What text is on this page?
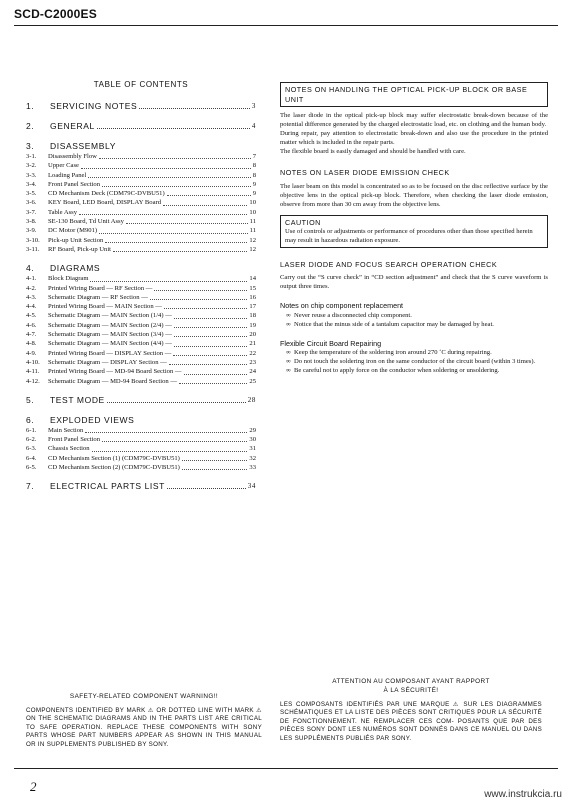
SCD-C2000ES
TABLE OF CONTENTS
1.	SERVICING NOTES	3
2.	GENERAL	4
3.	DISASSEMBLY
3-1.	Disassembly Flow	7
3-2.	Upper Case	8
3-3.	Loading Panel	8
3-4.	Front Panel Section	9
3-5.	CD Mechanism Deck (CDM79C-DVBU51)	9
3-6.	KEY Board, LED Board, DISPLAY Board	10
3-7.	Table Assy	10
3-8.	SE-130 Board, Td Unit Assy	11
3-9.	DC Motor (M901)	11
3-10.	Pick-up Unit Section	12
3-11.	RF Board, Pick-up Unit	12
4.	DIAGRAMS
4-1.	Block Diagram	14
4-2.	Printed Wiring Board — RF Section —	15
4-3.	Schematic Diagram — RF Section —	16
4-4.	Printed Wiring Board — MAIN Section —	17
4-5.	Schematic Diagram — MAIN Section (1/4) —	18
4-6.	Schematic Diagram — MAIN Section (2/4) —	19
4-7.	Schematic Diagram — MAIN Section (3/4) —	20
4-8.	Schematic Diagram — MAIN Section (4/4) —	21
4-9.	Printed Wiring Board — DISPLAY Section —	22
4-10.	Schematic Diagram — DISPLAY Section —	23
4-11.	Printed Wiring Board — MD-94 Board Section —	24
4-12.	Schematic Diagram — MD-94 Board Section —	25
5.	TEST MODE	28
6.	EXPLODED VIEWS
6-1.	Main Section	29
6-2.	Front Panel Section	30
6-3.	Chassis Section	31
6-4.	CD Mechanism Section (1) (CDM79C-DVBU51)	32
6-5.	CD Mechanism Section (2) (CDM79C-DVBU51)	33
7.	ELECTRICAL PARTS LIST	34
NOTES ON HANDLING THE OPTICAL PICK-UP BLOCK OR BASE UNIT
The laser diode in the optical pick-up block may suffer electrostatic break-down because of the potential difference generated by the charged electrostatic load, etc. on clothing and the human body.
During repair, pay attention to electrostatic break-down and also use the procedure in the printed matter which is included in the repair parts.
The flexible board is easily damaged and should be handled with care.
NOTES ON LASER DIODE EMISSION CHECK
The laser beam on this model is concentrated so as to be focused on the disc reflective surface by the objective lens in the optical pick-up block. Therefore, when checking the laser diode emission, observe from more than 30 cm away from the objective lens.
CAUTION
Use of controls or adjustments or performance of procedures other than those specified herein may result in hazardous radiation exposure.
LASER DIODE AND FOCUS SEARCH OPERATION CHECK
Carry out the “S curve check” in “CD section adjustment” and check that the S curve waveform is output three times.
Notes on chip component replacement
∞ Never reuse a disconnected chip component.
∞ Notice that the minus side of a tantalum capacitor may be damaged by heat.
Flexible Circuit Board Repairing
∞ Keep the temperature of the soldering iron around 270 ˚C during repairing.
∞ Do not touch the soldering iron on the same conductor of the circuit board (within 3 times).
∞ Be careful not to apply force on the conductor when soldering or unsoldering.
SAFETY-RELATED COMPONENT WARNING!!
COMPONENTS IDENTIFIED BY MARK ⚠ OR DOTTED LINE WITH MARK ⚠ ON THE SCHEMATIC DIAGRAMS AND IN THE PARTS LIST ARE CRITICAL TO SAFE OPERATION. REPLACE THESE COMPONENTS WITH SONY PARTS WHOSE PART NUMBERS APPEAR AS SHOWN IN THIS MANUAL OR IN SUPPLEMENTS PUBLISHED BY SONY.
ATTENTION AU COMPOSANT AYANT RAPPORT
À LA SÉCURITÉ!
LES COMPOSANTS IDENTIFIÉS PAR UNE MARQUE ⚠ SUR LES DIAGRAMMES SCHÉMATIQUES ET LA LISTE DES PIÈCES SONT CRITIQUES POUR LA SÉCURITÉ DE FONCTIONNEMENT. NE REMPLACER CES COM- POSANTS QUE PAR DES PIÈCES SONY DONT LES NUMÉROS SONT DONNÉS DANS CE MANUEL OU DANS LES SUPPLÉMENTS PUBLIÉS PAR SONY.
2
www.instrukcia.ru
